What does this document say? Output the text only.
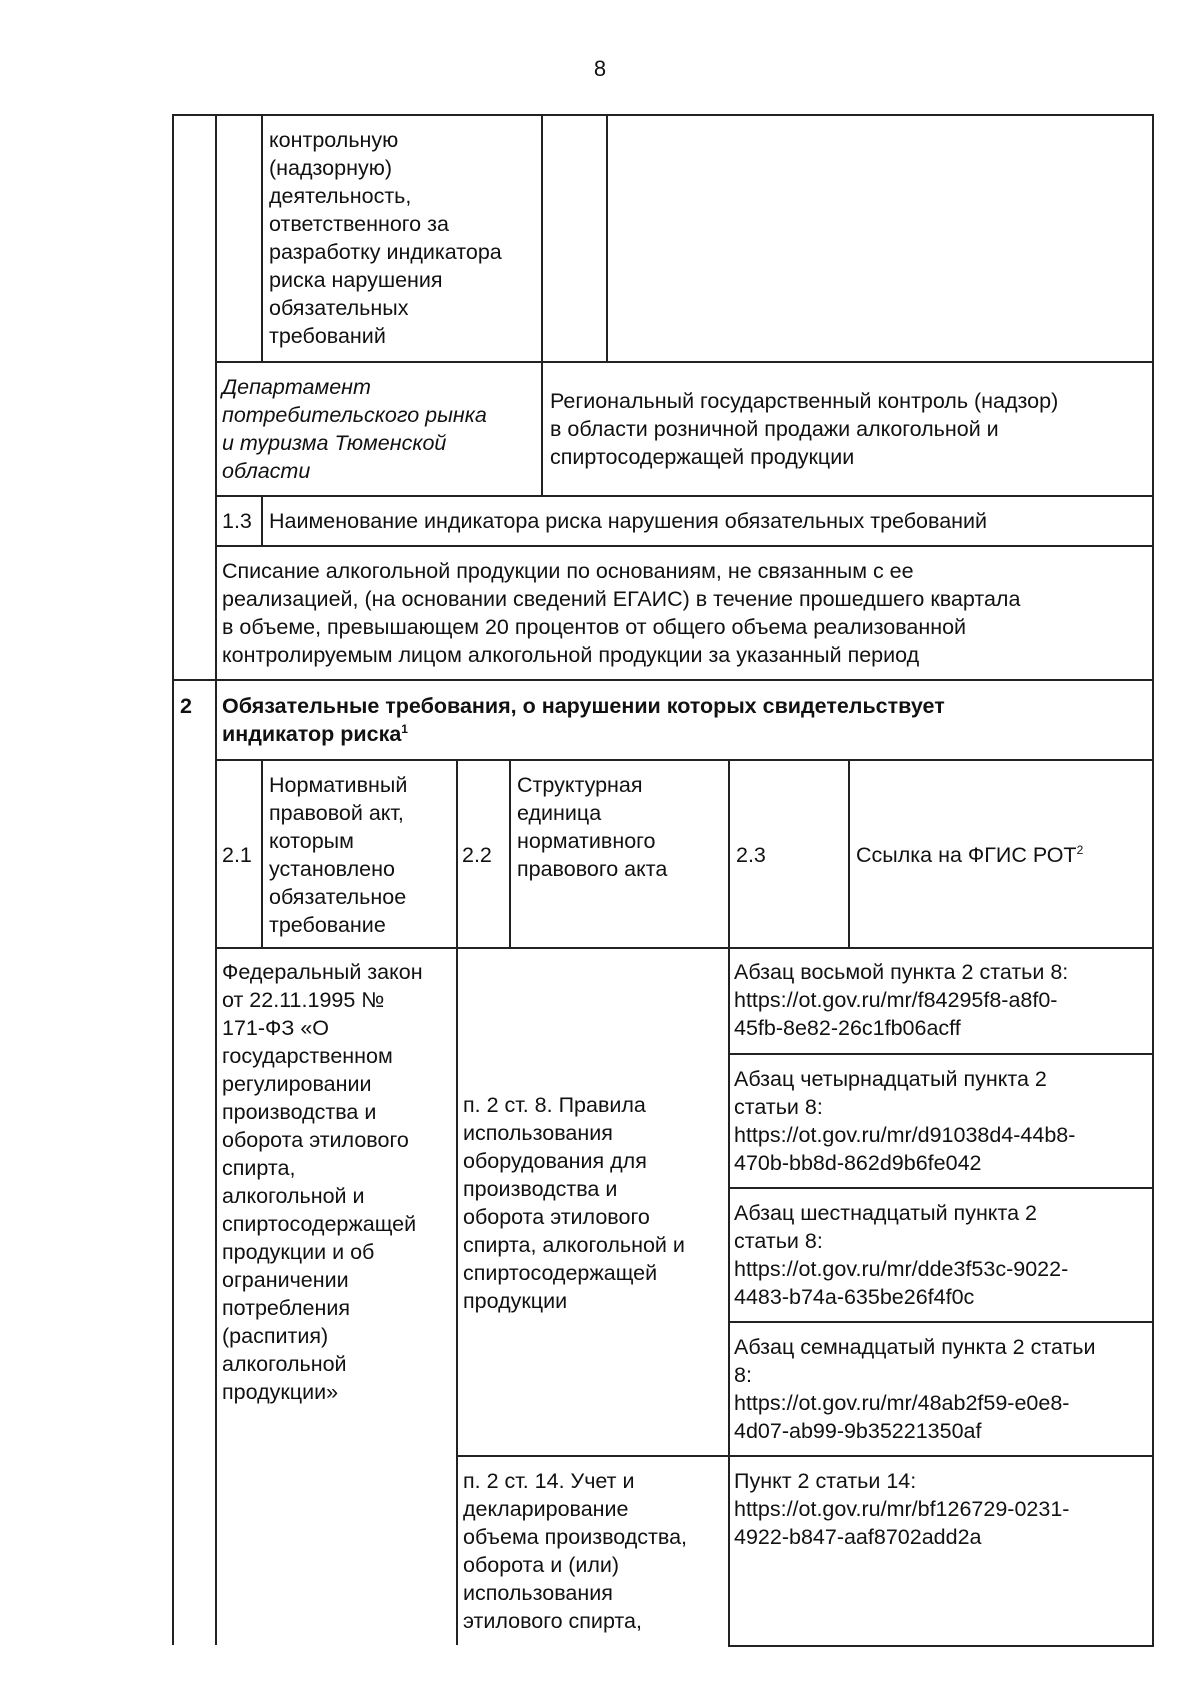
8
контрольную
(надзорную)
деятельность,
ответственного за
разработку индикатора
риска нарушения
обязательных
требований
Департамент
потребительского рынка
и туризма Тюменской
области
Региональный государственный контроль (надзор)
в области розничной продажи алкогольной и
спиртосодержащей продукции
1.3 Наименование индикатора риска нарушения обязательных требований
Списание алкогольной продукции по основаниям, не связанным с ее
реализацией, (на основании сведений ЕГАИС) в течение прошедшего квартала
в объеме, превышающем 20 процентов от общего объема реализованной
контролируемым лицом алкогольной продукции за указанный период
2 Обязательные требования, о нарушении которых свидетельствует
индикатор риска$^1$
2.1
Нормативный
правовой акт,
которым
установлено
обязательное
требование
2.2
Структурная
единица
нормативного
правового акта
2.3	Ссылка на ФГИС РОТ$^2$
Федеральный закон
от 22.11.1995 №
171-ФЗ «О
государственном
регулировании
производства и
оборота этилового
спирта,
алкогольной и
спиртосодержащей
продукции и об
ограничении
потребления
(распития)
алкогольной
продукции»
п. 2 ст. 8. Правила
использования
оборудования для
производства и
оборота этилового
спирта, алкогольной и
спиртосодержащей
продукции
п. 2 ст. 14. Учет и
декларирование
объема производства,
оборота и (или)
использования
этилового спирта,
Абзац восьмой пункта 2 статьи 8:
https://ot.gov.ru/mr/f84295f8-a8f0-
45fb-8e82-26c1fb06acff
Абзац четырнадцатый пункта 2
статьи 8:
https://ot.gov.ru/mr/d91038d4-44b8-
470b-bb8d-862d9b6fe042
Абзац шестнадцатый пункта 2
статьи 8:
https://ot.gov.ru/mr/dde3f53c-9022-
4483-b74a-635be26f4f0c
Абзац семнадцатый пункта 2 статьи
8:
https://ot.gov.ru/mr/48ab2f59-e0e8-
4d07-ab99-9b35221350af
Пункт 2 статьи 14:
https://ot.gov.ru/mr/bf126729-0231-
4922-b847-aaf8702add2a
